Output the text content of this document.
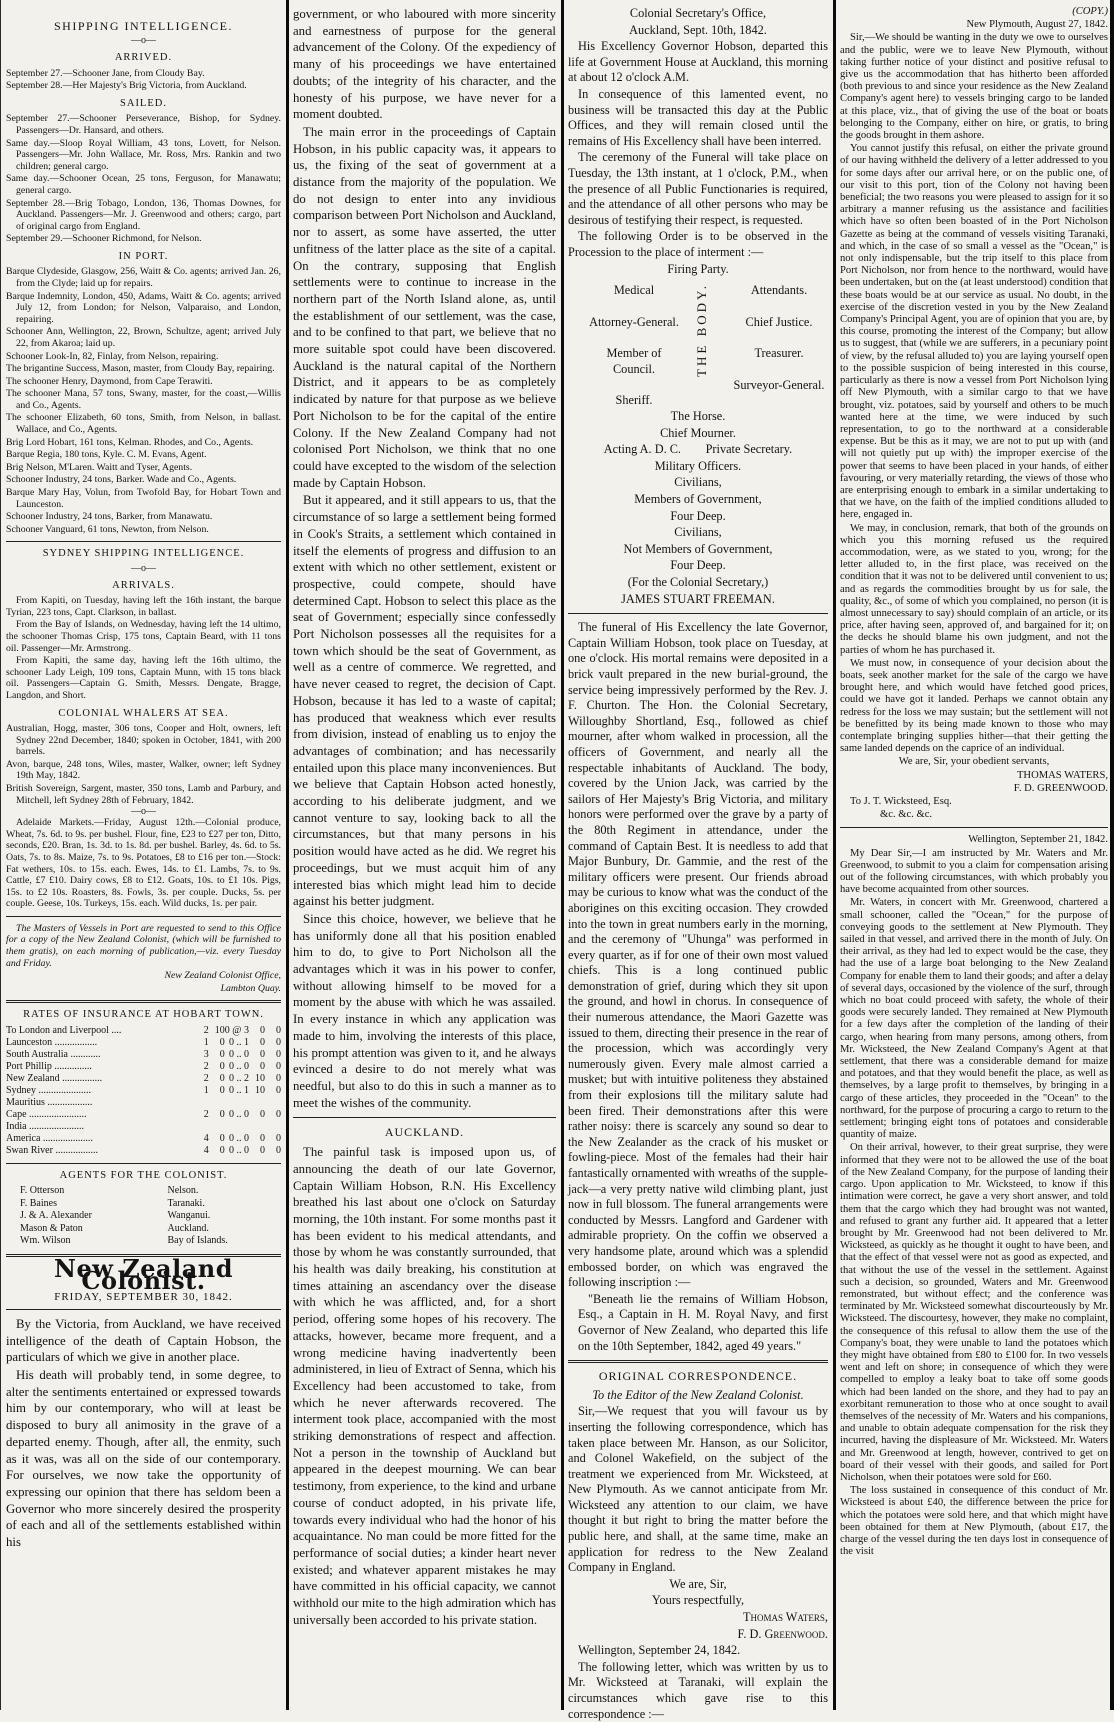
SHIPPING INTELLIGENCE.
—o—
ARRIVED.

September 27.—Schooner Jane, from Cloudy Bay.

September 28.—Her Majesty's Brig Victoria, from Auckland.

SAILED.

September 27.—Schooner Perseverance, Bishop, for Sydney. Passengers—Dr. Hansard, and others.

Same day.—Sloop Royal William, 43 tons, Lovett, for Nelson. Passengers—Mr. John Wallace, Mr. Ross, Mrs. Rankin and two children; general cargo.

Same day.—Schooner Ocean, 25 tons, Ferguson, for Manawatu; general cargo.

September 28.—Brig Tobago, London, 136, Thomas Downes, for Auckland. Passengers—Mr. J. Greenwood and others; cargo, part of original cargo from England.

September 29.—Schooner Richmond, for Nelson.

IN PORT.

Barque Clydeside, Glasgow, 256, Waitt & Co. agents; arrived Jan. 26, from the Clyde; laid up for repairs.

Barque Indemnity, London, 450, Adams, Waitt & Co. agents; arrived July 12, from London; for Nelson, Valparaiso, and London, repairing.

Schooner Ann, Wellington, 22, Brown, Schultze, agent; arrived July 22, from Akaroa; laid up.

Schooner Look-In, 82, Finlay, from Nelson, repairing.

The brigantine Success, Mason, master, from Cloudy Bay, repairing.

The schooner Henry, Daymond, from Cape Terawiti.

The schooner Mana, 57 tons, Swany, master, for the coast,—Willis and Co., Agents.

The schooner Elizabeth, 60 tons, Smith, from Nelson, in ballast. Wallace, and Co., Agents.

Brig Lord Hobart, 161 tons, Kelman. Rhodes, and Co., Agents.

Barque Regia, 180 tons, Kyle. C. M. Evans, Agent.

Brig Nelson, M'Laren. Waitt and Tyser, Agents.

Schooner Industry, 24 tons, Barker. Wade and Co., Agents.

Barque Mary Hay, Volun, from Twofold Bay, for Hobart Town and Launceston.

Schooner Industry, 24 tons, Barker, from Manawatu.

Schooner Vanguard, 61 tons, Newton, from Nelson.

SYDNEY SHIPPING INTELLIGENCE.
—o—
ARRIVALS.

From Kapiti, on Tuesday, having left the 16th instant, the barque Tyrian, 223 tons, Capt. Clarkson, in ballast.

From the Bay of Islands, on Wednesday, having left the 14 ultimo, the schooner Thomas Crisp, 175 tons, Captain Beard, with 11 tons oil. Passenger—Mr. Armstrong.

From Kapiti, the same day, having left the 16th ultimo, the schooner Lady Leigh, 109 tons, Captain Munn, with 15 tons black oil. Passengers—Captain G. Smith, Messrs. Dengate, Bragge, Langdon, and Short.

COLONIAL WHALERS AT SEA.

Australian, Hogg, master, 306 tons, Cooper and Holt, owners, left Sydney 22nd December, 1840; spoken in October, 1841, with 200 barrels.

Avon, barque, 248 tons, Wiles, master, Walker, owner; left Sydney 19th May, 1842.

British Sovereign, Sargent, master, 350 tons, Lamb and Parbury, and Mitchell, left Sydney 28th of February, 1842.

—o—

Adelaide Markets.—Friday, August 12th.—Colonial produce, Wheat, 7s. 6d. to 9s. per bushel. Flour, fine, £23 to £27 per ton, Ditto, seconds, £20. Bran, 1s. 3d. to 1s. 8d. per bushel. Barley, 4s. 6d. to 5s. Oats, 7s. to 8s. Maize, 7s. to 9s. Potatoes, £8 to £16 per ton.—Stock: Fat wethers, 10s. to 15s. each. Ewes, 14s. to £1. Lambs, 7s. to 9s. Cattle, £7 £10. Dairy cows, £8 to £12. Goats, 10s. to £1 10s. Pigs, 15s. to £2 10s. Roasters, 8s. Fowls, 3s. per couple. Ducks, 5s. per couple. Geese, 10s. Turkeys, 15s. each. Wild ducks, 1s. per pair.

The Masters of Vessels in Port are requested to send to this Office for a copy of the New Zealand Colonist, (which will be furnished to them gratis), on each morning of publication,—viz. every Tuesday and Friday.

New Zealand Colonist Office,

Lambton Quay.

RATES OF INSURANCE AT HOBART TOWN.
To London and Liverpool ....	2	10	0 @ 3	0	0
Launceston .................	1	0	0 .. 1	0	0
South Australia ............	3	0	0 .. 0	0	0
Port Phillip ...............	2	0	0 .. 0	0	0
New Zealand ................	2	0	0 .. 2	10	0
Sydney .....................	1	0	0 .. 1	10	0
Mauritius ..................					
Cape .......................	2	0	0 .. 0	0	0
India ......................					
America ....................	4	0	0 .. 0	0	0
Swan River .................	4	0	0 .. 0	0	0
AGENTS FOR THE COLONIST.
F. Otterson	Nelson.
F. Baines	Taranaki.
J. & A. Alexander	Wanganui.
Mason & Paton	Auckland.
Wm. Wilson	Bay of Islands.
New Zealand Colonist.
FRIDAY, SEPTEMBER 30, 1842.

By the Victoria, from Auckland, we have received intelligence of the death of Captain Hobson, the particulars of which we give in another place.

His death will probably tend, in some degree, to alter the sentiments entertained or expressed towards him by our contemporary, who will at least be disposed to bury all animosity in the grave of a departed enemy. Though, after all, the enmity, such as it was, was all on the side of our contemporary. For ourselves, we now take the opportunity of expressing our opinion that there has seldom been a Governor who more sincerely desired the prosperity of each and all of the settlements established within his

government, or who laboured with more sincerity and earnestness of purpose for the general advancement of the Colony. Of the expediency of many of his proceedings we have entertained doubts; of the integrity of his character, and the honesty of his purpose, we have never for a moment doubted.

The main error in the proceedings of Captain Hobson, in his public capacity was, it appears to us, the fixing of the seat of government at a distance from the majority of the population. We do not design to enter into any invidious comparison between Port Nicholson and Auckland, nor to assert, as some have asserted, the utter unfitness of the latter place as the site of a capital. On the contrary, supposing that English settlements were to continue to increase in the northern part of the North Island alone, as, until the establishment of our settlement, was the case, and to be confined to that part, we believe that no more suitable spot could have been discovered. Auckland is the natural capital of the Northern District, and it appears to be as completely indicated by nature for that purpose as we believe Port Nicholson to be for the capital of the entire Colony. If the New Zealand Company had not colonised Port Nicholson, we think that no one could have excepted to the wisdom of the selection made by Captain Hobson.

But it appeared, and it still appears to us, that the circumstance of so large a settlement being formed in Cook's Straits, a settlement which contained in itself the elements of progress and diffusion to an extent with which no other settlement, existent or prospective, could compete, should have determined Capt. Hobson to select this place as the seat of Government; especially since confessedly Port Nicholson possesses all the requisites for a town which should be the seat of Government, as well as a centre of commerce. We regretted, and have never ceased to regret, the decision of Capt. Hobson, because it has led to a waste of capital; has produced that weakness which ever results from division, instead of enabling us to enjoy the advantages of combination; and has necessarily entailed upon this place many inconveniences. But we believe that Captain Hobson acted honestly, according to his deliberate judgment, and we cannot venture to say, looking back to all the circumstances, but that many persons in his position would have acted as he did. We regret his proceedings, but we must acquit him of any interested bias which might lead him to decide against his better judgment.

Since this choice, however, we believe that he has uniformly done all that his position enabled him to do, to give to Port Nicholson all the advantages which it was in his power to confer, without allowing himself to be moved for a moment by the abuse with which he was assailed. In every instance in which any application was made to him, involving the interests of this place, his prompt attention was given to it, and he always evinced a desire to do not merely what was needful, but also to do this in such a manner as to meet the wishes of the community.

AUCKLAND.

The painful task is imposed upon us, of announcing the death of our late Governor, Captain William Hobson, R.N. His Excellency breathed his last about one o'clock on Saturday morning, the 10th instant. For some months past it has been evident to his medical attendants, and those by whom he was constantly surrounded, that his health was daily breaking, his constitution at times attaining an ascendancy over the disease with which he was afflicted, and, for a short period, offering some hopes of his recovery. The attacks, however, became more frequent, and a wrong medicine having inadvertently been administered, in lieu of Extract of Senna, which his Excellency had been accustomed to take, from which he never afterwards recovered. The interment took place, accompanied with the most striking demonstrations of respect and affection. Not a person in the township of Auckland but appeared in the deepest mourning. We can bear testimony, from experience, to the kind and urbane course of conduct adopted, in his private life, towards every individual who had the honor of his acquaintance. No man could be more fitted for the performance of social duties; a kinder heart never existed; and whatever apparent mistakes he may have committed in his official capacity, we cannot withhold our mite to the high admiration which has universally been accorded to his private station.

Colonial Secretary's Office,

Auckland, Sept. 10th, 1842.

His Excellency Governor Hobson, departed this life at Government House at Auckland, this morning at about 12 o'clock A.M.

In consequence of this lamented event, no business will be transacted this day at the Public Offices, and they will remain closed until the remains of His Excellency shall have been interred.

The ceremony of the Funeral will take place on Tuesday, the 13th instant, at 1 o'clock, P.M., when the presence of all Public Functionaries is required, and the attendance of all other persons who may be desirous of testifying their respect, is requested.

The following Order is to be observed in the Procession to the place of interment :—

Firing Party.

Medical
Attorney-General.
Member of Council.
Sheriff.
THE BODY.	Attendants.
Chief Justice.
Treasurer.
Surveyor-General.

The Horse.

Chief Mourner.

Acting A. D. C.        Private Secretary.

Military Officers.

Civilians,

Members of Government,

Four Deep.

Civilians,

Not Members of Government,

Four Deep.

(For the Colonial Secretary,)

JAMES STUART FREEMAN.

The funeral of His Excellency the late Governor, Captain William Hobson, took place on Tuesday, at one o'clock. His mortal remains were deposited in a brick vault prepared in the new burial-ground, the service being impressively performed by the Rev. J. F. Churton. The Hon. the Colonial Secretary, Willoughby Shortland, Esq., followed as chief mourner, after whom walked in procession, all the officers of Government, and nearly all the respectable inhabitants of Auckland. The body, covered by the Union Jack, was carried by the sailors of Her Majesty's Brig Victoria, and military honors were performed over the grave by a party of the 80th Regiment in attendance, under the command of Captain Best. It is needless to add that Major Bunbury, Dr. Gammie, and the rest of the military officers were present. Our friends abroad may be curious to know what was the conduct of the aborigines on this exciting occasion. They crowded into the town in great numbers early in the morning, and the ceremony of "Uhunga" was performed in every quarter, as if for one of their own most valued chiefs. This is a long continued public demonstration of grief, during which they sit upon the ground, and howl in chorus. In consequence of their numerous attendance, the Maori Gazette was issued to them, directing their presence in the rear of the procession, which was accordingly very numerously given. Every male almost carried a musket; but with intuitive politeness they abstained from their explosions till the military salute had been fired. Their demonstrations after this were rather noisy: there is scarcely any sound so dear to the New Zealander as the crack of his musket or fowling-piece. Most of the females had their hair fantastically ornamented with wreaths of the supple-jack—a very pretty native wild climbing plant, just now in full blossom. The funeral arrangements were conducted by Messrs. Langford and Gardener with admirable propriety. On the coffin we observed a very handsome plate, around which was a splendid embossed border, on which was engraved the following inscription :—

"Beneath lie the remains of William Hobson, Esq., a Captain in H. M. Royal Navy, and first Governor of New Zealand, who departed this life on the 10th September, 1842, aged 49 years."

ORIGINAL CORRESPONDENCE.

To the Editor of the New Zealand Colonist.

Sir,—We request that you will favour us by inserting the following correspondence, which has taken place between Mr. Hanson, as our Solicitor, and Colonel Wakefield, on the subject of the treatment we experienced from Mr. Wicksteed, at New Plymouth. As we cannot anticipate from Mr. Wicksteed any attention to our claim, we have thought it but right to bring the matter before the public here, and shall, at the same time, make an application for redress to the New Zealand Company in England.

We are, Sir,

Yours respectfully,

Thomas Waters,

F. D. Greenwood.

Wellington, September 24, 1842.

The following letter, which was written by us to Mr. Wicksteed at Taranaki, will explain the circumstances which gave rise to this correspondence :—

(COPY.)

New Plymouth, August 27, 1842.

Sir,—We should be wanting in the duty we owe to ourselves and the public, were we to leave New Plymouth, without taking further notice of your distinct and positive refusal to give us the accommodation that has hitherto been afforded (both previous to and since your residence as the New Zealand Company's agent here) to vessels bringing cargo to be landed at this place, viz., that of giving the use of the boat or boats belonging to the Company, either on hire, or gratis, to bring the goods brought in them ashore.

You cannot justify this refusal, on either the private ground of our having withheld the delivery of a letter addressed to you for some days after our arrival here, or on the public one, of our visit to this port, tion of the Colony not having been beneficial; the two reasons you were pleased to assign for it so arbitrary a manner refusing us the assistance and facilities which have so often been boasted of in the Port Nicholson Gazette as being at the command of vessels visiting Taranaki, and which, in the case of so small a vessel as the "Ocean," is not only indispensable, but the trip itself to this place from Port Nicholson, nor from hence to the northward, would have been undertaken, but on the (at least understood) condition that these boats would be at our service as usual. No doubt, in the exercise of the discretion vested in you by the New Zealand Company's Principal Agent, you are of opinion that you are, by this course, promoting the interest of the Company; but allow us to suggest, that (while we are sufferers, in a pecuniary point of view, by the refusal alluded to) you are laying yourself open to the possible suspicion of being interested in this course, particularly as there is now a vessel from Port Nicholson lying off New Plymouth, with a similar cargo to that we have brought, viz. potatoes, said by yourself and others to be much wanted here at the time, we were induced by such representation, to go to the northward at a considerable expense. But be this as it may, we are not to put up with (and will not quietly put up with) the improper exercise of the power that seems to have been placed in your hands, of either favouring, or very materially retarding, the views of those who are enterprising enough to embark in a similar undertaking to that we have, on the faith of the implied conditions alluded to here, engaged in.

We may, in conclusion, remark, that both of the grounds on which you this morning refused us the required accommodation, were, as we stated to you, wrong; for the letter alluded to, in the first place, was received on the condition that it was not to be delivered until convenient to us; and as regards the commodities brought by us for sale, the quality, &c., of some of which you complained, no person (it is almost unnecessary to say) should complain of an article, or its price, after having seen, approved of, and bargained for it; on the decks he should blame his own judgment, and not the parties of whom he has purchased it.

We must now, in consequence of your decision about the boats, seek another market for the sale of the cargo we have brought here, and which would have fetched good prices, could we have got it landed. Perhaps we cannot obtain any redress for the loss we may sustain; but the settlement will not be benefitted by its being made known to those who may contemplate bringing supplies hither—that their getting the same landed depends on the caprice of an individual.

We are, Sir, your obedient servants,

THOMAS WATERS,

F. D. GREENWOOD.

To J. T. Wicksteed, Esq.

&c. &c. &c.

Wellington, September 21, 1842.

My Dear Sir,—I am instructed by Mr. Waters and Mr. Greenwood, to submit to you a claim for compensation arising out of the following circumstances, with which probably you have become acquainted from other sources.

Mr. Waters, in concert with Mr. Greenwood, chartered a small schooner, called the "Ocean," for the purpose of conveying goods to the settlement at New Plymouth. They sailed in that vessel, and arrived there in the month of July. On their arrival, as they had led to expect would be the case, they had the use of a large boat belonging to the New Zealand Company for enable them to land their goods; and after a delay of several days, occasioned by the violence of the surf, through which no boat could proceed with safety, the whole of their goods were securely landed. They remained at New Plymouth for a few days after the completion of the landing of their cargo, when hearing from many persons, among others, from Mr. Wicksteed, the New Zealand Company's Agent at that settlement, that there was a considerable demand for maize and potatoes, and that they would benefit the place, as well as themselves, by a large profit to themselves, by bringing in a cargo of these articles, they proceeded in the "Ocean" to the northward, for the purpose of procuring a cargo to return to the settlement; bringing eight tons of potatoes and considerable quantity of maize.

On their arrival, however, to their great surprise, they were informed that they were not to be allowed the use of the boat of the New Zealand Company, for the purpose of landing their cargo. Upon application to Mr. Wicksteed, to know if this intimation were correct, he gave a very short answer, and told them that the cargo which they had brought was not wanted, and refused to grant any further aid. It appeared that a letter brought by Mr. Greenwood had not been delivered to Mr. Wicksteed, as quickly as he thought it ought to have been, and that the effect of that vessel were not as good as expected, and that without the use of the vessel in the settlement. Against such a decision, so grounded, Waters and Mr. Greenwood remonstrated, but without effect; and the conference was terminated by Mr. Wicksteed somewhat discourteously by Mr. Wicksteed. The discourtesy, however, they make no complaint, the consequence of this refusal to allow them the use of the Company's boat, they were unable to land the potatoes which they might have obtained from £80 to £100 for. In two vessels went and left on shore; in consequence of which they were compelled to employ a leaky boat to take off some goods which had been landed on the shore, and they had to pay an exorbitant remuneration to those who at once sought to avail themselves of the necessity of Mr. Waters and his companions, and unable to obtain adequate compensation for the risk they incurred, having the displeasure of Mr. Wicksteed. Mr. Waters and Mr. Greenwood at length, however, contrived to get on board of their vessel with their goods, and sailed for Port Nicholson, when their potatoes were sold for £60.

The loss sustained in consequence of this conduct of Mr. Wicksteed is about £40, the difference between the price for which the potatoes were sold here, and that which might have been obtained for them at New Plymouth, (about £17, the charge of the vessel during the ten days lost in consequence of the visit
